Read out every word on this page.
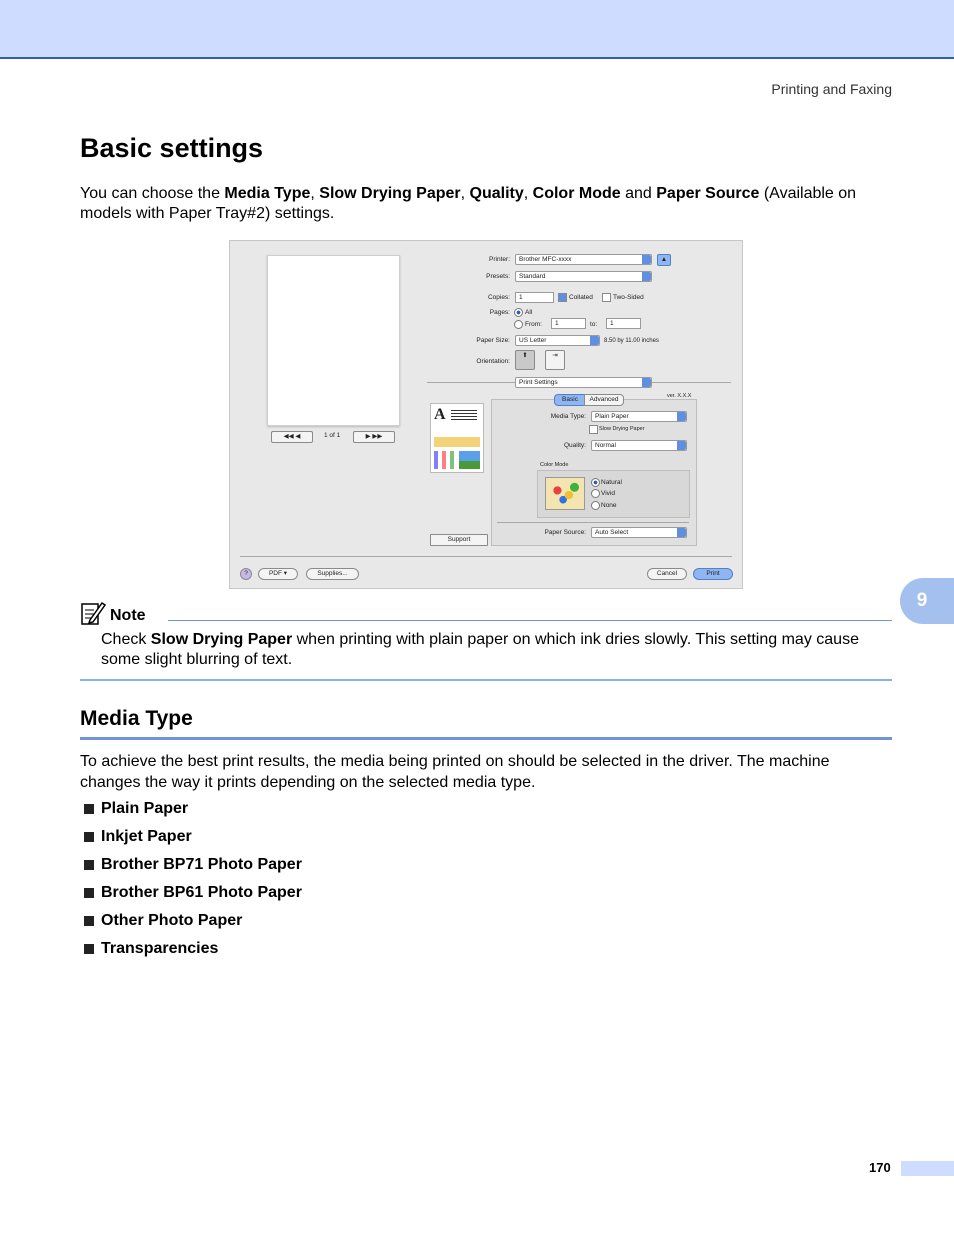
Printing and Faxing
9
Basic settings

You can choose the Media Type, Slow Drying Paper, Quality, Color Mode and Paper Source (Available on models with Paper Tray#2) settings.

◀◀ ◀	1 of 1	▶ ▶▶
Printer:	Brother MFC-xxxx	▲
Presets:	Standard
Copies:	1	Collated	Two-Sided
Pages: All
From:	1	to:	1
Paper Size:	US Letter	8.50 by 11.00 inches
Orientation:
⬆	⇥
Print Settings
A
Support
Basic	Advanced	ver. X.X.X
Media Type:	Plain Paper
Slow Drying Paper
Quality:	Normal
Color Mode
Natural
Vivid
None
Paper Source:	Auto Select
?	PDF ▾	Supplies...	Cancel	Print
Note

Check Slow Drying Paper when printing with plain paper on which ink dries slowly. This setting may cause some slight blurring of text.

Media Type

To achieve the best print results, the media being printed on should be selected in the driver. The machine changes the way it prints depending on the selected media type.

Plain Paper
Inkjet Paper
Brother BP71 Photo Paper
Brother BP61 Photo Paper
Other Photo Paper
Transparencies
170
